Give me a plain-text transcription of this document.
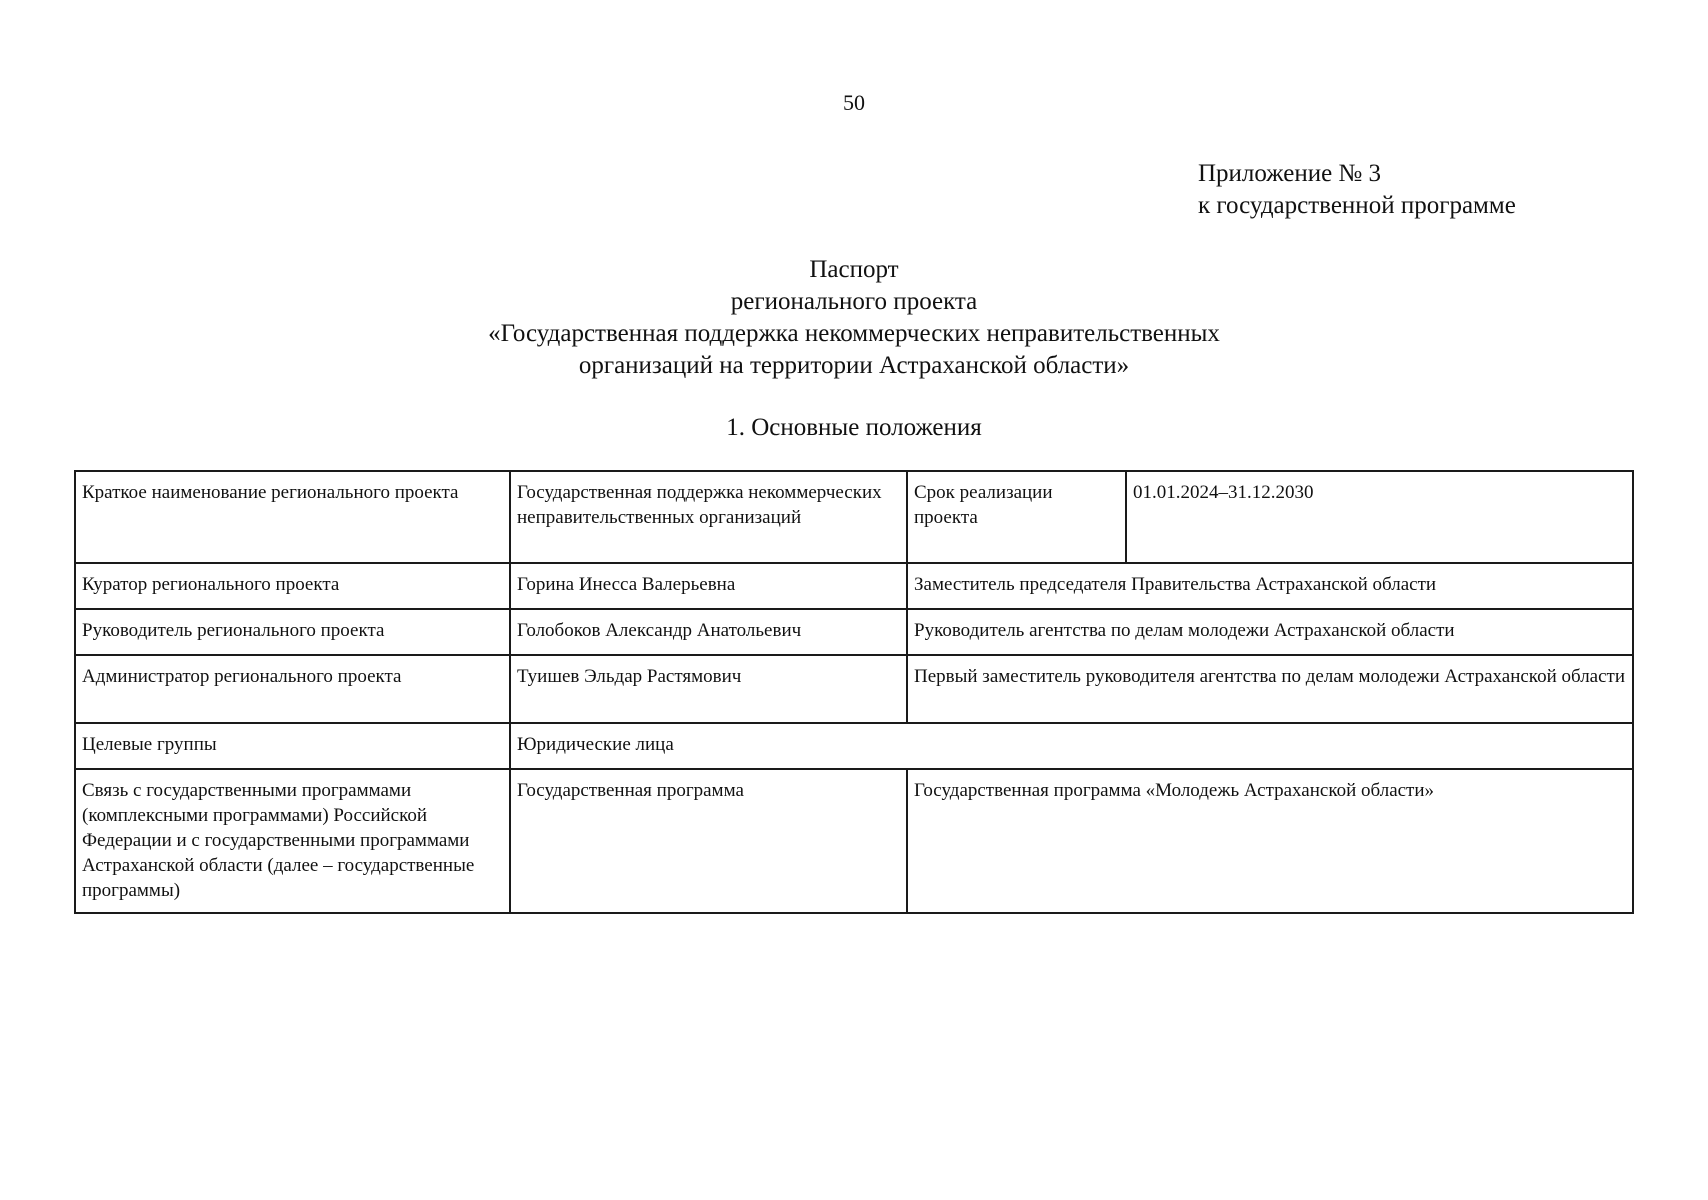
50
Приложение № 3
к государственной программе
Паспорт
регионального проекта
«Государственная поддержка некоммерческих неправительственных
организаций на территории Астраханской области»
1. Основные положения
Краткое наименование регионального проекта	Государственная поддержка некоммерческих неправительственных организаций	Срок реализации проекта	01.01.2024–31.12.2030
Куратор регионального проекта	Горина Инесса Валерьевна	Заместитель председателя Правительства Астраханской области	
Руководитель регионального проекта	Голобоков Александр Анатольевич	Руководитель агентства по делам молодежи Астраханской области	
Администратор регионального проекта	Туишев Эльдар Растямович	Первый заместитель руководителя агентства по делам молодежи Астраханской области	
Целевые группы	Юридические лица		
Связь с государственными программами (комплексными программами) Российской Федерации и с государственными программами Астраханской области (далее – государственные программы)	Государственная программа	Государственная программа «Молодежь Астраханской области»	
